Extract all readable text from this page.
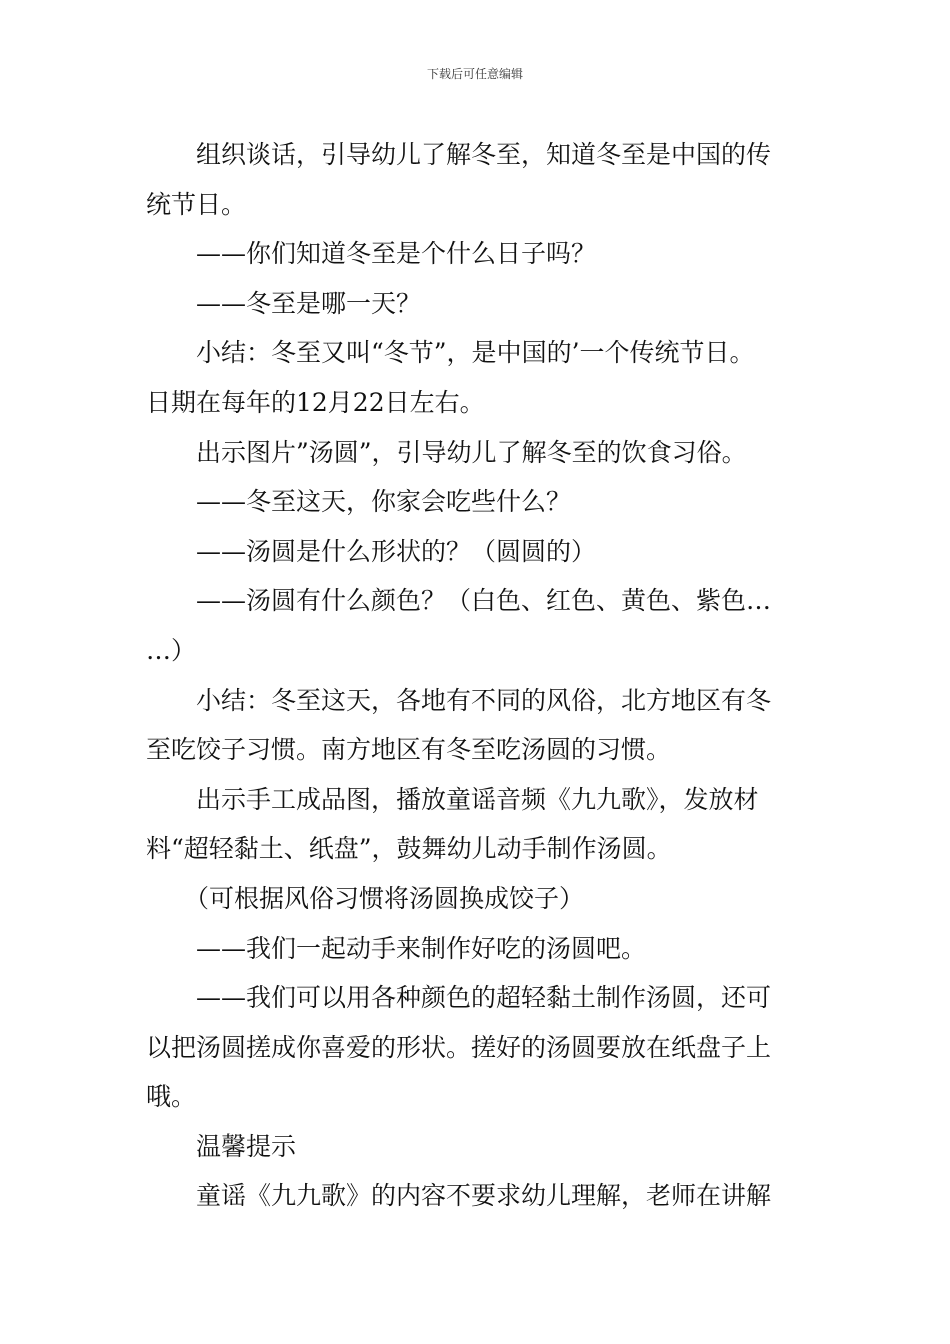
下载后可任意编辑
组织谈话，引导幼儿了解冬至，知道冬至是中国的传
统节日。
——你们知道冬至是个什么日子吗？
——冬至是哪一天？
小结：冬至又叫“冬节”，是中国的’一个传统节日。
日期在每年的12月22日左右。
出示图片”汤圆”，引导幼儿了解冬至的饮食习俗。
——冬至这天，你家会吃些什么？
——汤圆是什么形状的？（圆圆的）
——汤圆有什么颜色？（白色、红色、黄色、紫色…
…）
小结：冬至这天，各地有不同的风俗，北方地区有冬
至吃饺子习惯。南方地区有冬至吃汤圆的习惯。
出示手工成品图，播放童谣音频《九九歌》，发放材
料“超轻黏土、纸盘”，鼓舞幼儿动手制作汤圆。
（可根据风俗习惯将汤圆换成饺子）
——我们一起动手来制作好吃的汤圆吧。
——我们可以用各种颜色的超轻黏土制作汤圆，还可
以把汤圆搓成你喜爱的形状。搓好的汤圆要放在纸盘子上
哦。
温馨提示
童谣《九九歌》的内容不要求幼儿理解，老师在讲解
